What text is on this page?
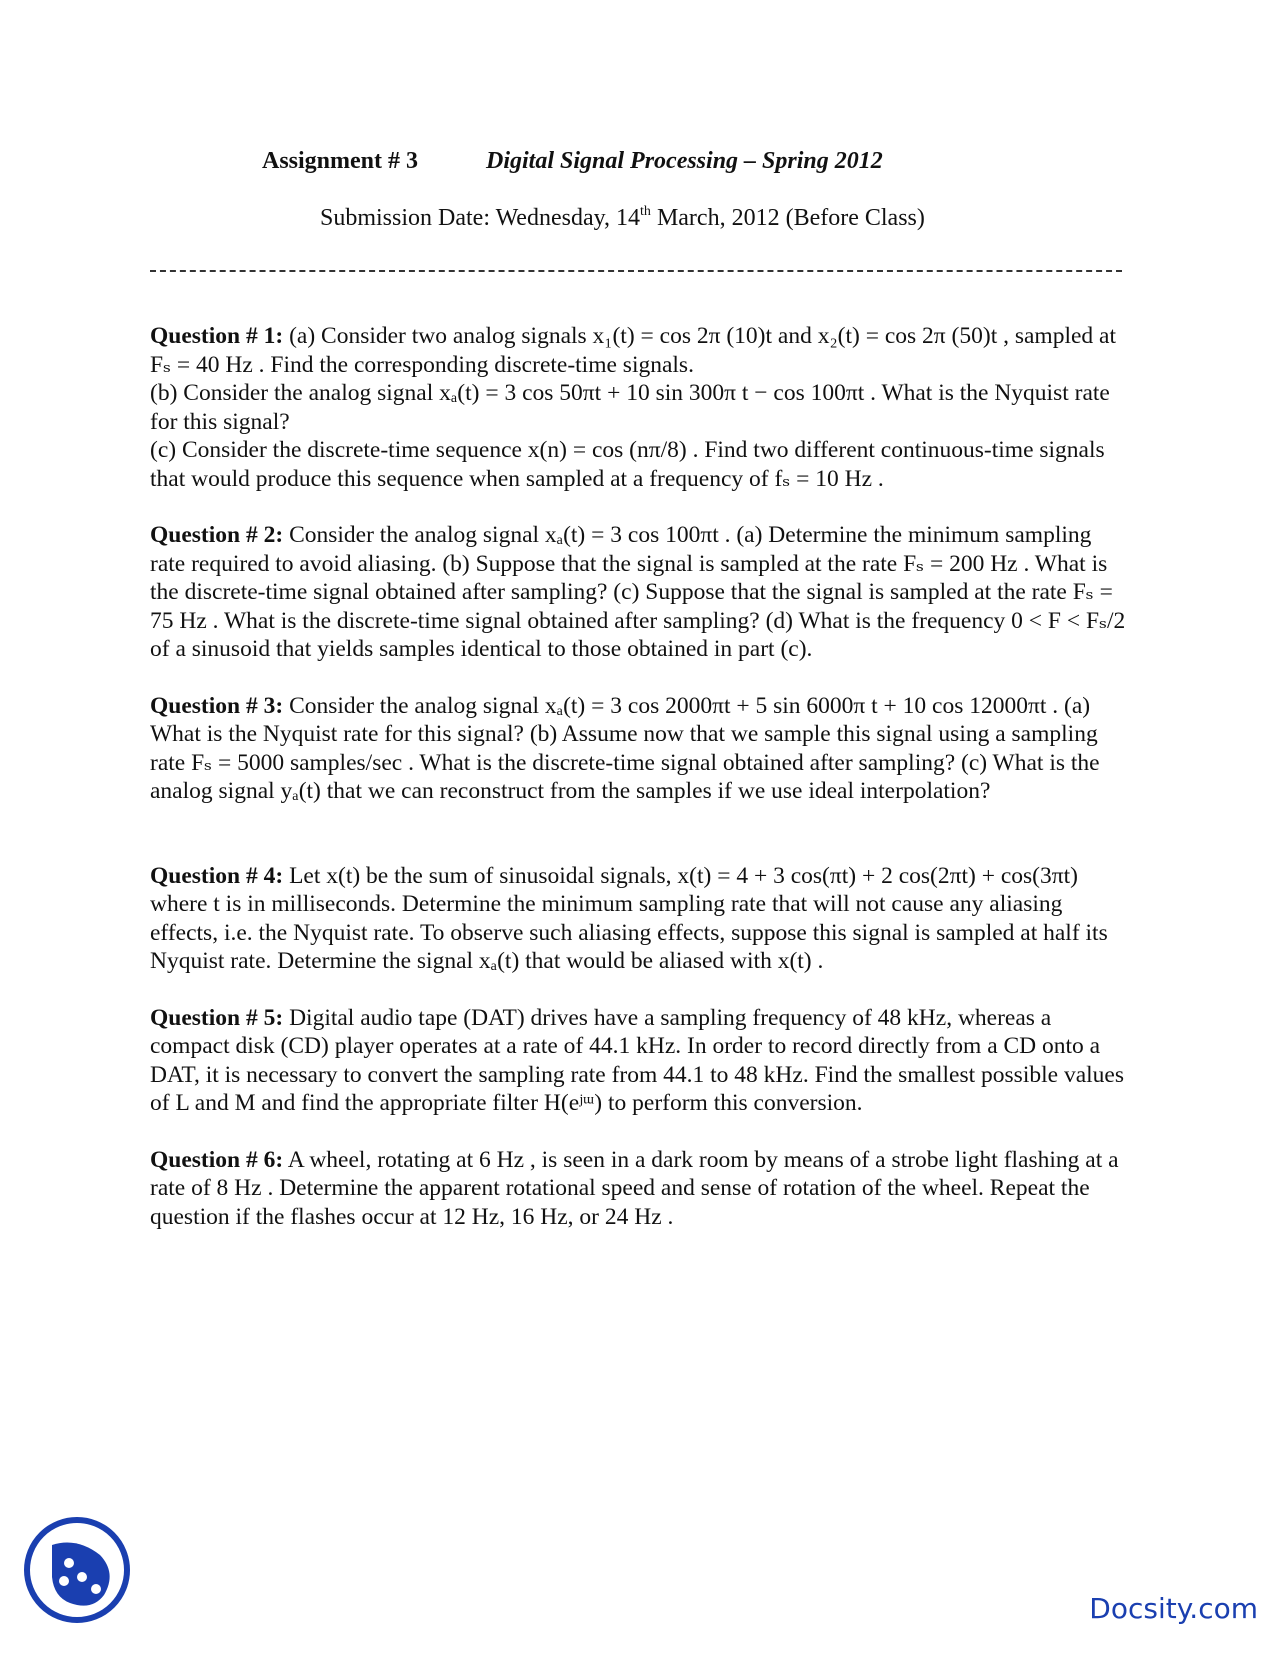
Assignment # 3	Digital Signal Processing – Spring 2012
Submission Date: Wednesday, 14th March, 2012 (Before Class)
Question # 1: (a) Consider two analog signals x₁(t) = cos 2π (10)t and x₂(t) = cos 2π (50)t , sampled at Fₛ = 40 Hz . Find the corresponding discrete-time signals.
(b) Consider the analog signal xₐ(t) = 3 cos 50πt + 10 sin 300π t − cos 100πt . What is the Nyquist rate for this signal?
(c) Consider the discrete-time sequence x(n) = cos (nπ/8) . Find two different continuous-time signals that would produce this sequence when sampled at a frequency of fₛ = 10 Hz .
Question # 2: Consider the analog signal xₐ(t) = 3 cos 100πt . (a) Determine the minimum sampling rate required to avoid aliasing. (b) Suppose that the signal is sampled at the rate Fₛ = 200 Hz . What is the discrete-time signal obtained after sampling? (c) Suppose that the signal is sampled at the rate Fₛ = 75 Hz . What is the discrete-time signal obtained after sampling? (d) What is the frequency 0 < F < Fₛ/2 of a sinusoid that yields samples identical to those obtained in part (c).
Question # 3: Consider the analog signal xₐ(t) = 3 cos 2000πt + 5 sin 6000π t + 10 cos 12000πt . (a) What is the Nyquist rate for this signal? (b) Assume now that we sample this signal using a sampling rate Fₛ = 5000 samples/sec . What is the discrete-time signal obtained after sampling? (c) What is the analog signal yₐ(t) that we can reconstruct from the samples if we use ideal interpolation?
Question # 4: Let x(t) be the sum of sinusoidal signals, x(t) = 4 + 3 cos(πt) + 2 cos(2πt) + cos(3πt) where t is in milliseconds. Determine the minimum sampling rate that will not cause any aliasing effects, i.e. the Nyquist rate. To observe such aliasing effects, suppose this signal is sampled at half its Nyquist rate. Determine the signal xₐ(t) that would be aliased with x(t) .
Question # 5: Digital audio tape (DAT) drives have a sampling frequency of 48 kHz, whereas a compact disk (CD) player operates at a rate of 44.1 kHz. In order to record directly from a CD onto a DAT, it is necessary to convert the sampling rate from 44.1 to 48 kHz. Find the smallest possible values of L and M and find the appropriate filter H(eʲᵚ) to perform this conversion.
Question # 6: A wheel, rotating at 6 Hz , is seen in a dark room by means of a strobe light flashing at a rate of 8 Hz . Determine the apparent rotational speed and sense of rotation of the wheel. Repeat the question if the flashes occur at 12 Hz, 16 Hz, or 24 Hz .
Docsity.com
